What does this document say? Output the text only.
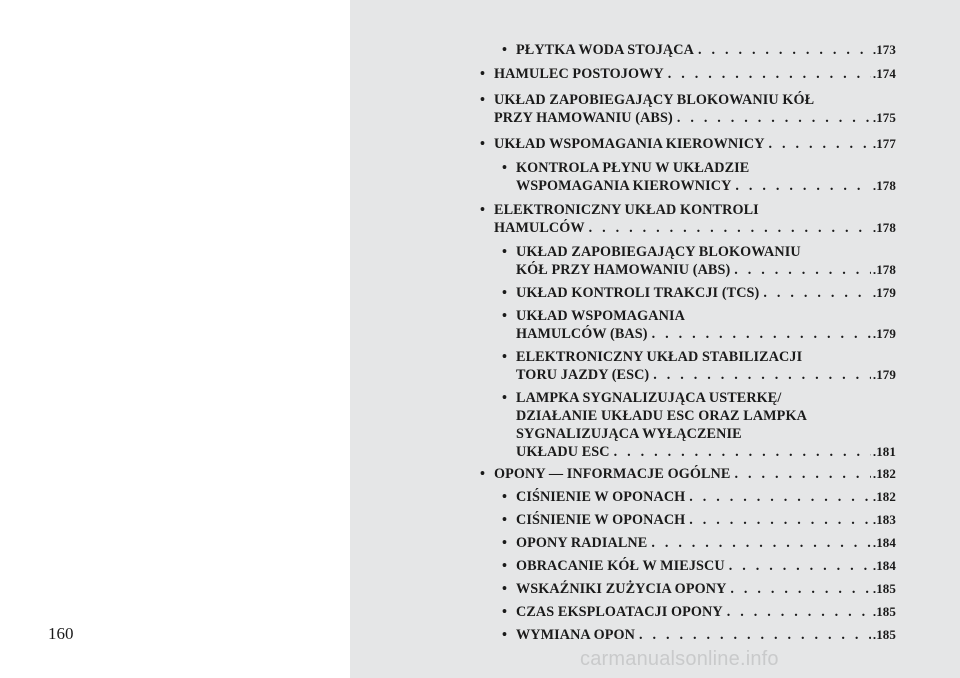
160
• PŁYTKA WODA STOJĄCA . . .	.173
• HAMULEC POSTOJOWY . . .	.174
• UKŁAD ZAPOBIEGAJĄCY BLOKOWANIU KÓŁ
PRZY HAMOWANIU (ABS) . . .	.175
• UKŁAD WSPOMAGANIA KIEROWNICY . . .	.177
• KONTROLA PŁYNU W UKŁADZIE
WSPOMAGANIA KIEROWNICY . . .	.178
• ELEKTRONICZNY UKŁAD KONTROLI
HAMULCÓW . . .	.178
• UKŁAD ZAPOBIEGAJĄCY BLOKOWANIU
KÓŁ PRZY HAMOWANIU (ABS) . . .	.178
• UKŁAD KONTROLI TRAKCJI (TCS) . . .	.179
• UKŁAD WSPOMAGANIA
HAMULCÓW (BAS) . . .	.179
• ELEKTRONICZNY UKŁAD STABILIZACJI
TORU JAZDY (ESC) . . .	.179
• LAMPKA SYGNALIZUJĄCA USTERKĘ/
DZIAŁANIE UKŁADU ESC ORAZ LAMPKA
SYGNALIZUJĄCA WYŁĄCZENIE
UKŁADU ESC . . .	.181
• OPONY — INFORMACJE OGÓLNE . . .	.182
• CIŚNIENIE W OPONACH . . .	.182
• CIŚNIENIE W OPONACH . . .	.183
• OPONY RADIALNE . . .	.184
• OBRACANIE KÓŁ W MIEJSCU . . .	.184
• WSKAŹNIKI ZUŻYCIA OPONY . . .	.185
• CZAS EKSPLOATACJI OPONY . . .	.185
• WYMIANA OPON . . .	.185
carmanualsonline.info
